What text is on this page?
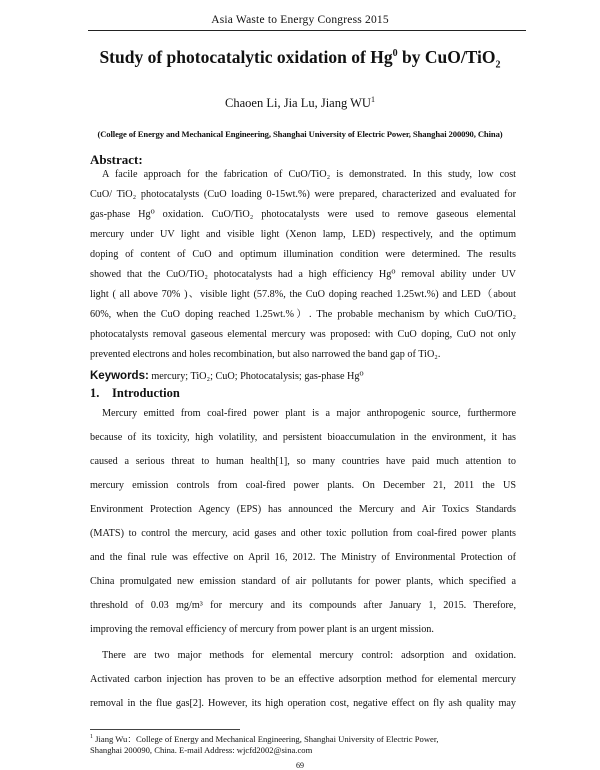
Asia Waste to Energy Congress 2015
Study of photocatalytic oxidation of Hg$^0$ by CuO/TiO$_2$
Chaoen Li, Jia Lu, Jiang $WU^1$
(College of Energy and Mechanical Engineering, Shanghai University of Electric Power, Shanghai 200090, China)
Abstract:
A facile approach for the fabrication of CuO/TiO₂ is demonstrated. In this study, low cost
CuO/ TiO₂ photocatalysts (CuO loading 0-15wt.%) were prepared, characterized and evaluated for
gas-phase Hg⁰ oxidation. CuO/TiO₂ photocatalysts were used to remove gaseous elemental
mercury under UV light and visible light (Xenon lamp, LED) respectively, and the optimum
doping of content of CuO and optimum illumination condition were determined. The results
showed that the CuO/TiO₂ photocatalysts had a high efficiency Hg⁰ removal ability under UV
light ( all above 70% )、visible light (57.8%, the CuO doping reached 1.25wt.%) and LED（about
60%, when the CuO doping reached 1.25wt.%）. The probable mechanism by which CuO/TiO₂
photocatalysts removal gaseous elemental mercury was proposed: with CuO doping, CuO not only
prevented electrons and holes recombination, but also narrowed the band gap of TiO₂.
Keywords: mercury; TiO₂; CuO; Photocatalysis; gas-phase Hg⁰
1. Introduction
Mercury emitted from coal-fired power plant is a major anthropogenic source, furthermore
because of its toxicity, high volatility, and persistent bioaccumulation in the environment, it has
caused a serious threat to human health[1], so many countries have paid much attention to
mercury emission controls from coal-fired power plants. On December 21, 2011 the US
Environment Protection Agency (EPS) has announced the Mercury and Air Toxics Standards
(MATS) to control the mercury, acid gases and other toxic pollution from coal-fired power plants
and the final rule was effective on April 16, 2012. The Ministry of Environmental Protection of
China promulgated new emission standard of air pollutants for power plants, which specified a
threshold of 0.03 mg/m³ for mercury and its compounds after January 1, 2015. Therefore,
improving the removal efficiency of mercury from power plant is an urgent mission.
There are two major methods for elemental mercury control: adsorption and oxidation.
Activated carbon injection has proven to be an effective adsorption method for elemental mercury
removal in the flue gas[2]. However, its high operation cost, negative effect on fly ash quality may
$^1$ Jiang Wu：College of Energy and Mechanical Engineering, Shanghai University of Electric Power,
Shanghai 200090, China. E-mail Address: wjcfd2002@sina.com
69
